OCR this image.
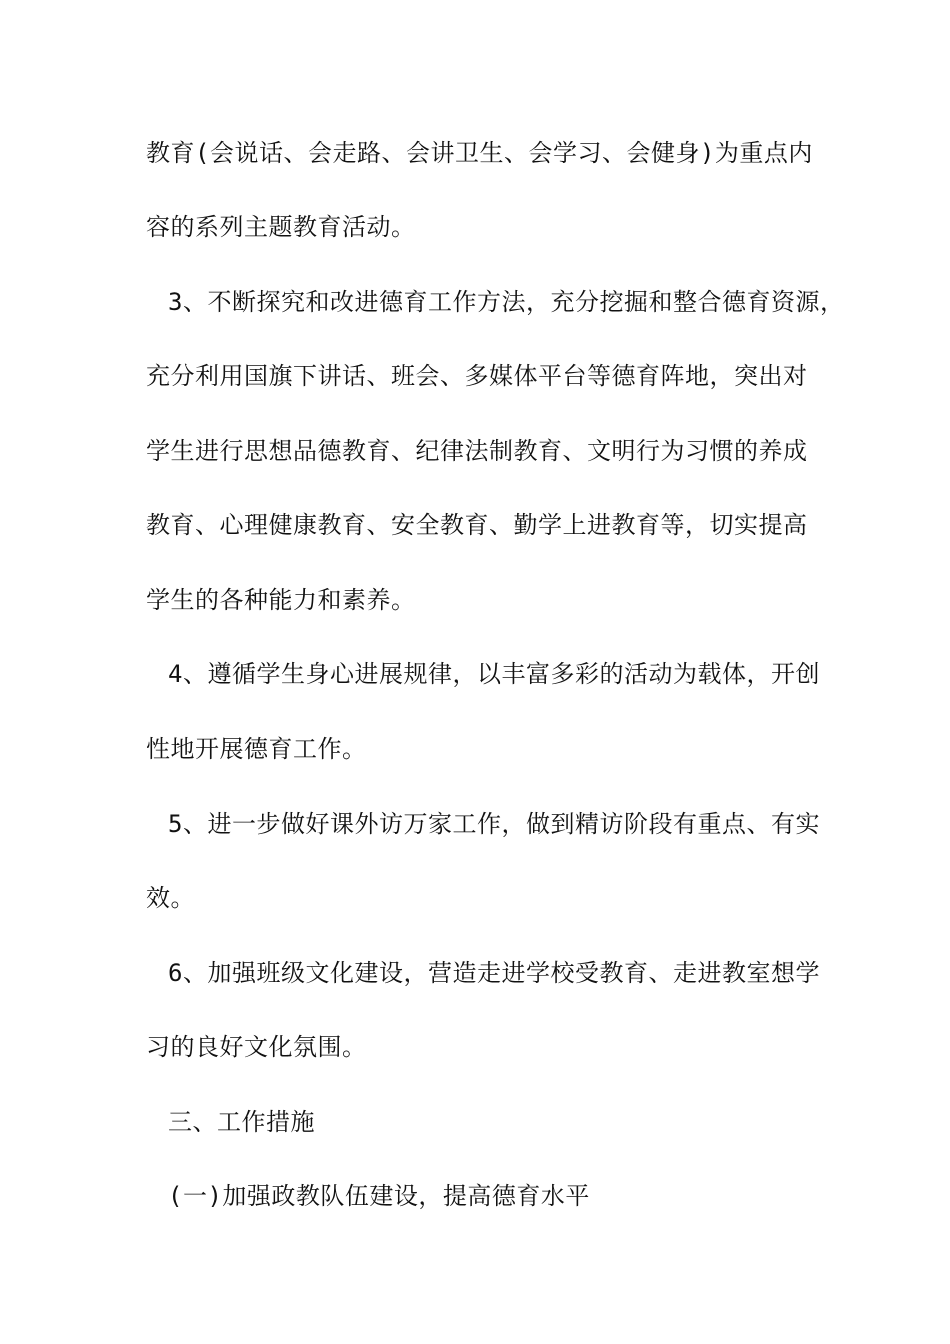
教育(会说话、会走路、会讲卫生、会学习、会健身)为重点内

容的系列主题教育活动。

3、不断探究和改进德育工作方法，充分挖掘和整合德育资源，

充分利用国旗下讲话、班会、多媒体平台等德育阵地，突出对

学生进行思想品德教育、纪律法制教育、文明行为习惯的养成

教育、心理健康教育、安全教育、勤学上进教育等，切实提高

学生的各种能力和素养。

4、遵循学生身心进展规律，以丰富多彩的活动为载体，开创

性地开展德育工作。

5、进一步做好课外访万家工作，做到精访阶段有重点、有实

效。

6、加强班级文化建设，营造走进学校受教育、走进教室想学

习的良好文化氛围。

三、工作措施

(一)加强政教队伍建设，提高德育水平
